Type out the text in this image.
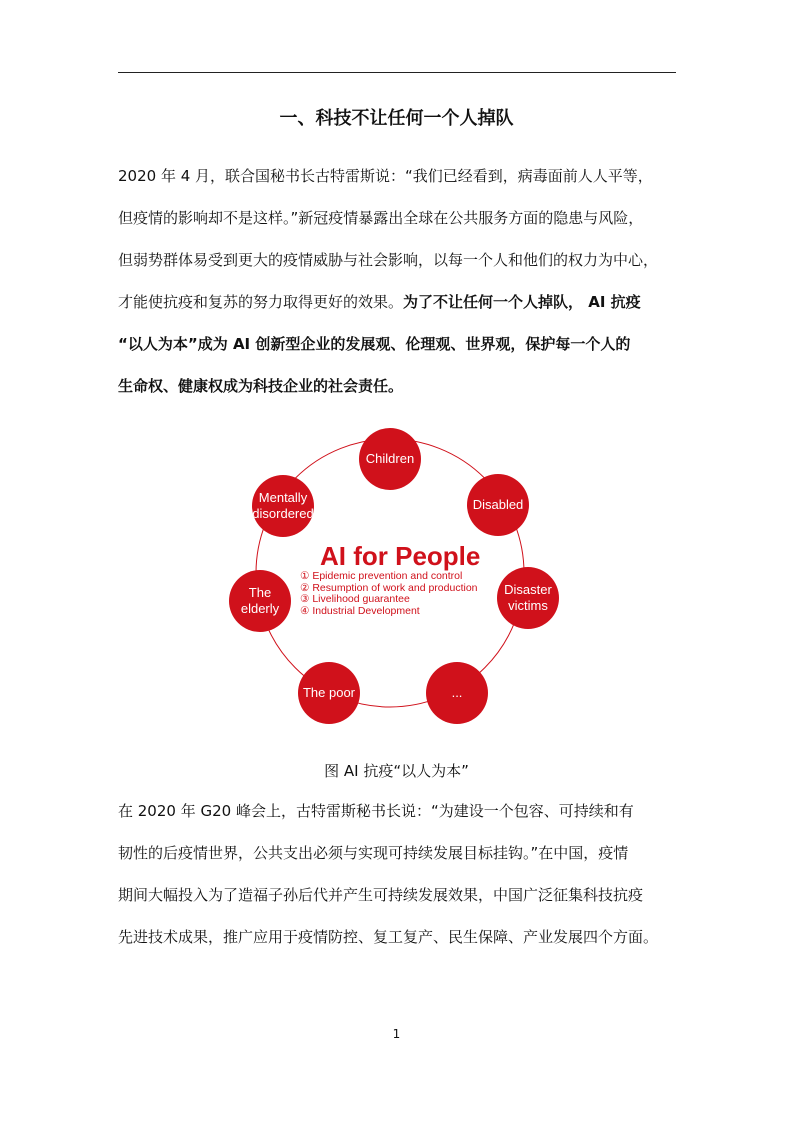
一、科技不让任何一个人掉队
2020 年 4 月，联合国秘书长古特雷斯说：“我们已经看到，病毒面前人人平等，
但疫情的影响却不是这样。”新冠疫情暴露出全球在公共服务方面的隐患与风险，
但弱势群体易受到更大的疫情威胁与社会影响，以每一个人和他们的权力为中心，
才能使抗疫和复苏的努力取得更好的效果。为了不让任何一个人掉队， AI 抗疫
“以人为本”成为 AI 创新型企业的发展观、伦理观、世界观，保护每一个人的
生命权、健康权成为科技企业的社会责任。
Children
Disabled
Disaster
victims
...
The poor
The
elderly
Mentally
disordered
AI for People
① Epidemic prevention and control
② Resumption of work and production
③ Livelihood guarantee
④ Industrial Development
图 AI 抗疫“以人为本”
在 2020 年 G20 峰会上，古特雷斯秘书长说：“为建设一个包容、可持续和有
韧性的后疫情世界，公共支出必须与实现可持续发展目标挂钩。”在中国，疫情
期间大幅投入为了造福子孙后代并产生可持续发展效果，中国广泛征集科技抗疫
先进技术成果，推广应用于疫情防控、复工复产、民生保障、产业发展四个方面。
1
